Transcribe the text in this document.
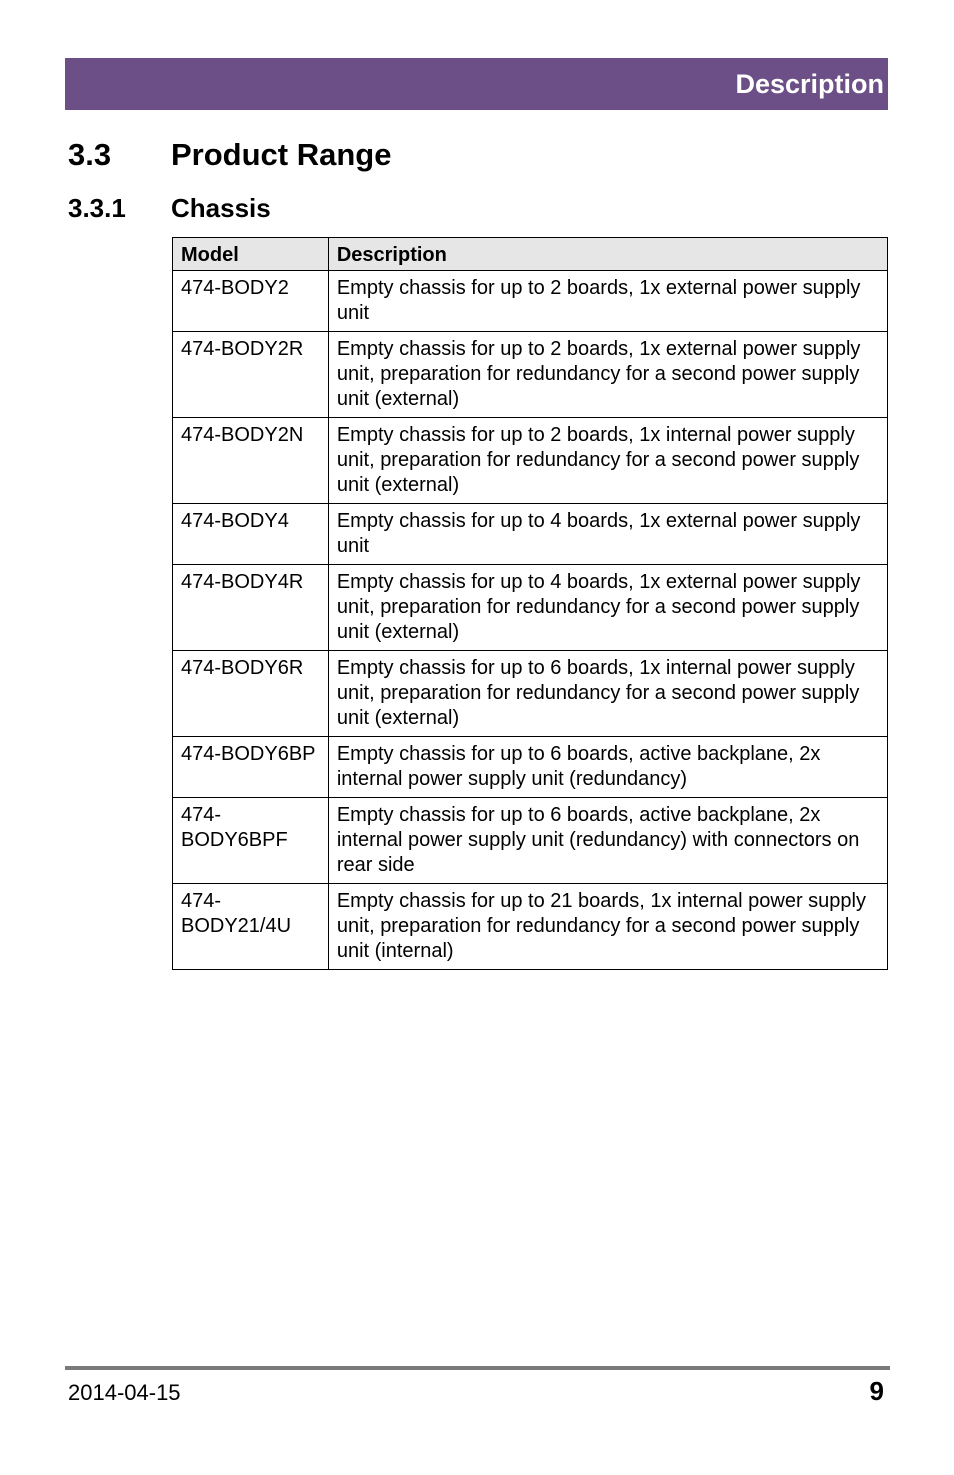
Description
3.3 Product Range
3.3.1 Chassis
Model	Description
474-BODY2	Empty chassis for up to 2 boards, 1x external power supply unit
474-BODY2R	Empty chassis for up to 2 boards, 1x external power supply unit, preparation for redundancy for a second power supply unit (external)
474-BODY2N	Empty chassis for up to 2 boards, 1x internal power supply unit, preparation for redundancy for a second power supply unit (external)
474-BODY4	Empty chassis for up to 4 boards, 1x external power supply unit
474-BODY4R	Empty chassis for up to 4 boards, 1x external power supply unit, preparation for redundancy for a second power supply unit (external)
474-BODY6R	Empty chassis for up to 6 boards, 1x internal power supply unit, preparation for redundancy for a second power supply unit (external)
474-BODY6BP	Empty chassis for up to 6 boards, active backplane, 2x internal power supply unit (redundancy)
474-BODY6BPF	Empty chassis for up to 6 boards, active backplane, 2x internal power supply unit (redundancy) with connectors on rear side
474-BODY21/4U	Empty chassis for up to 21 boards, 1x internal power supply unit, preparation for redundancy for a second power supply unit (internal)
2014-04-15	9
